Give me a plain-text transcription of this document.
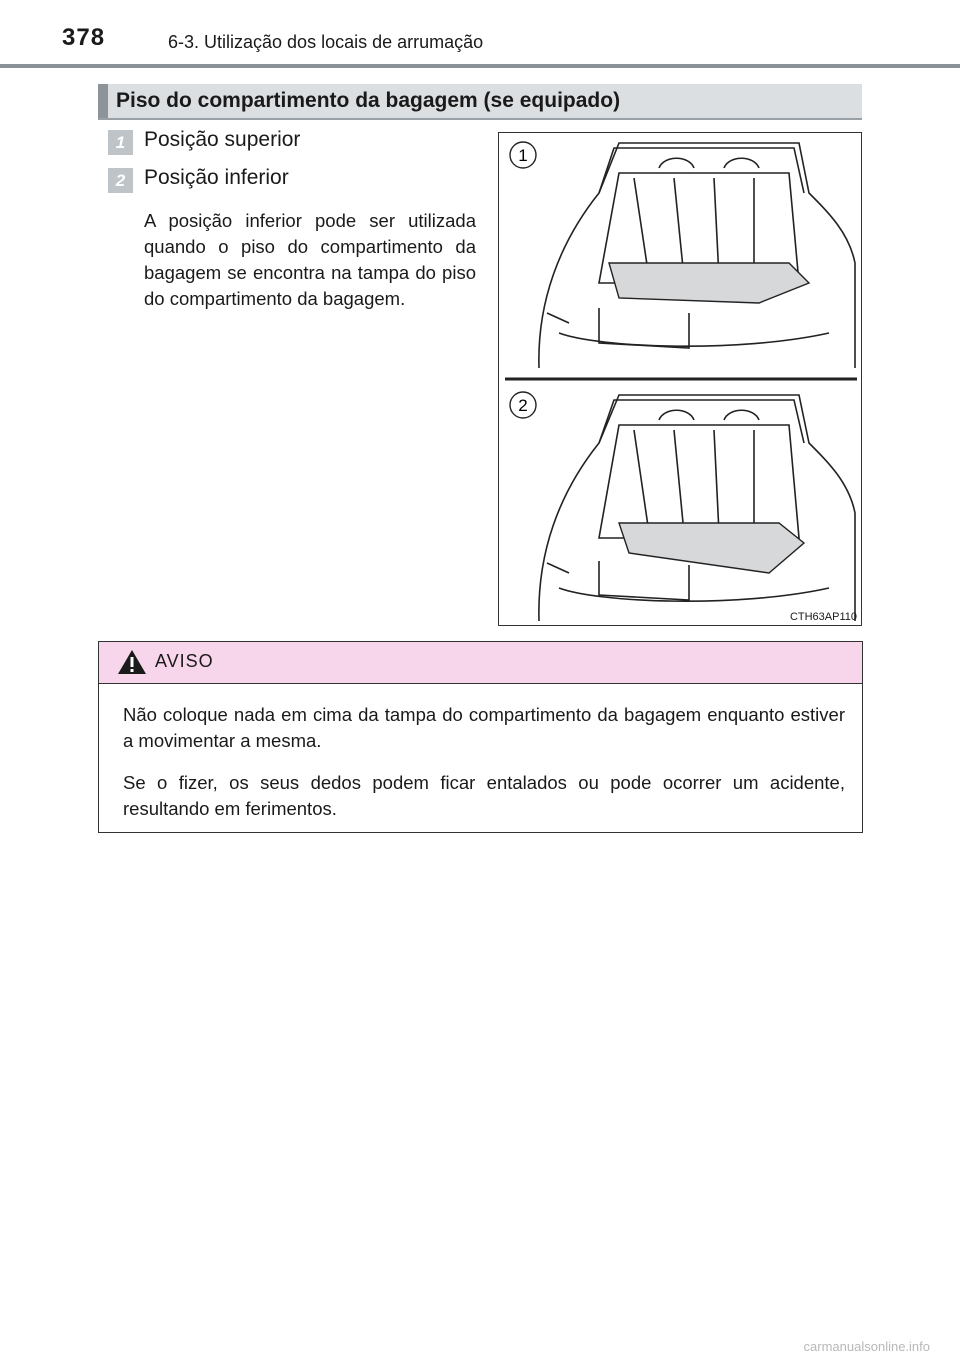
378	6-3. Utilização dos locais de arrumação
Piso do compartimento da bagagem (se equipado)
1 Posição superior
2 Posição inferior

A posição inferior pode ser utilizada quando o piso do compartimento da bagagem se encontra na tampa do piso do compartimento da bagagem.

1
2
CTH63AP110
AVISO

Não coloque nada em cima da tampa do compartimento da bagagem enquanto estiver a movimentar a mesma.

Se o fizer, os seus dedos podem ficar entalados ou pode ocorrer um acidente, resultando em ferimentos.

carmanualsonline.info
